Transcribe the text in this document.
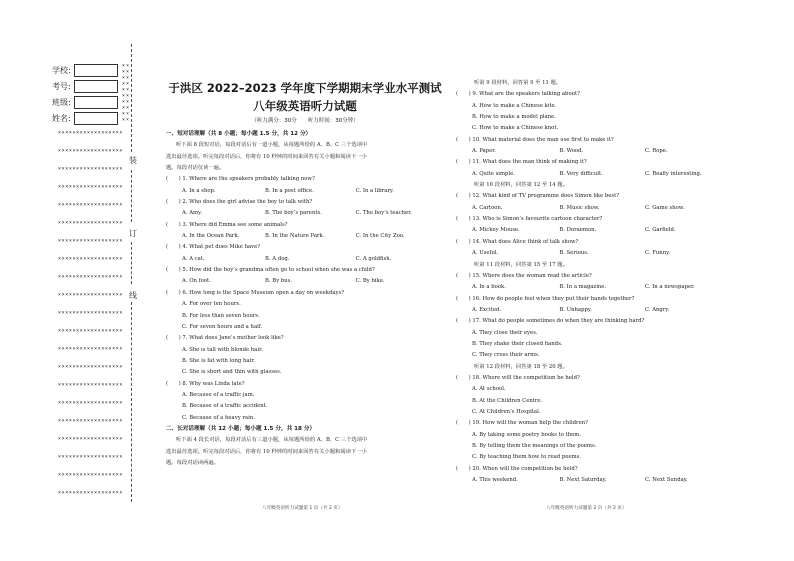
学校:
考号:
班级:
姓名:
× ×
× ×
× ×
× ×
× ×
× ×
× ×
× ×
× ×
× ×
××××××××××××××××××
××××××××××××××××××
××××××××××××××××××
××××××××××××××××××
××××××××××××××××××
××××××××××××××××××
××××××××××××××××××
××××××××××××××××××
××××××××××××××××××
××××××××××××××××××
××××××××××××××××××
××××××××××××××××××
××××××××××××××××××
××××××××××××××××××
××××××××××××××××××
××××××××××××××××××
××××××××××××××××××
××××××××××××××××××
××××××××××××××××××
××××××××××××××××××
××××××××××××××××××
装
订
线
于洪区 2022–2023 学年度下学期期末学业水平测试
八年级英语听力试题
（听力满分：30分　　听力时间：30分钟）
一、短对话理解（共 8 小题；每小题 1.5 分，共 12 分）
听下面 8 段短对话，每段对话后有一道小题，从每题所给的 A、B、C 三个选项中
选出最佳选项。听完每段对话后，你将有 10 秒钟的时间来回答有关小题和阅读下一小
题。每段对话仅读一遍。
(　　) 1. Where are the speakers probably talking now?
A. In a shop.	B. In a post office.	C. In a library.
(　　) 2. Who does the girl advise the boy to talk with?
A. Amy.	B. The boy’s parents.	C. The boy’s teacher.
(　　) 3. Where did Emma see some animals?
A. In the Ocean Park.	B. In the Nature Park.	C. In the City Zoo.
(　　) 4. What pet does Mike have?
A. A cat.	B. A dog.	C. A goldfish.
(　　) 5. How did the boy’s grandma often go to school when she was a child?
A. On foot.	B. By bus.	C. By bike.
(　　) 6. How long is the Space Museum open a day on weekdays?
A. For over ten hours.
B. For less than seven hours.
C. For seven hours and a half.
(　　) 7. What does Jane’s mother look like?
A. She is tall with blonde hair.
B. She is fat with long hair.
C. She is short and thin with glasses.
(　　) 8. Why was Linda late?
A. Because of a traffic jam.
B. Because of a traffic accident.
C. Because of a heavy rain.
二、长对话理解（共 12 小题；每小题 1.5 分，共 18 分）
听下面 4 段长对话，每段对话后有三道小题，从每题所给的 A、B、C 三个选项中
选出最佳选项。听完每段对话后，你将有 10 秒钟的时间来回答有关小题和阅读下一小
题。每段对话读两遍。
八年级英语听力试题第 1 页（共 2 页）
听第 9 段材料，回答第 9 至 11 题。
(　　) 9. What are the speakers talking about?
A. How to make a Chinese kite.
B. How to make a model plane.
C. How to make a Chinese knot.
(　　) 10. What material does the man use first to make it?
A. Paper.	B. Wood.	C. Rope.
(　　) 11. What does the man think of making it?
A. Quite simple.	B. Very difficult.	C. Really interesting.
听第 10 段材料，回答第 12 至 14 题。
(　　) 12. What kind of TV programme does Simon like best?
A. Cartoon.	B. Music show.	C. Game show.
(　　) 13. Who is Simon’s favourite cartoon character?
A. Mickey Mouse.	B. Doraemon.	C. Garfield.
(　　) 14. What does Alice think of talk show?
A. Useful.	B. Serious.	C. Funny.
听第 11 段材料，回答第 15 至 17 题。
(　　) 15. Where does the woman read the article?
A. In a book.	B. In a magazine.	C. In a newspaper.
(　　) 16. How do people feel when they put their hands together?
A. Excited.	B. Unhappy.	C. Angry.
(　　) 17. What do people sometimes do when they are thinking hard?
A. They close their eyes.
B. They shake their closed hands.
C. They cross their arms.
听第 12 段材料，回答第 18 至 20 题。
(　　) 18. Where will the competition be held?
A. At school.
B. At the Children Centre.
C. At Children’s Hospital.
(　　) 19. How will the woman help the children?
A. By taking some poetry books to them.
B. By telling them the meanings of the poems.
C. By teaching them how to read poems.
(　　) 20. When will the competition be held?
A. This weekend.	B. Next Saturday.	C. Next Sunday.
八年级英语听力试题第 2 页（共 2 页）
